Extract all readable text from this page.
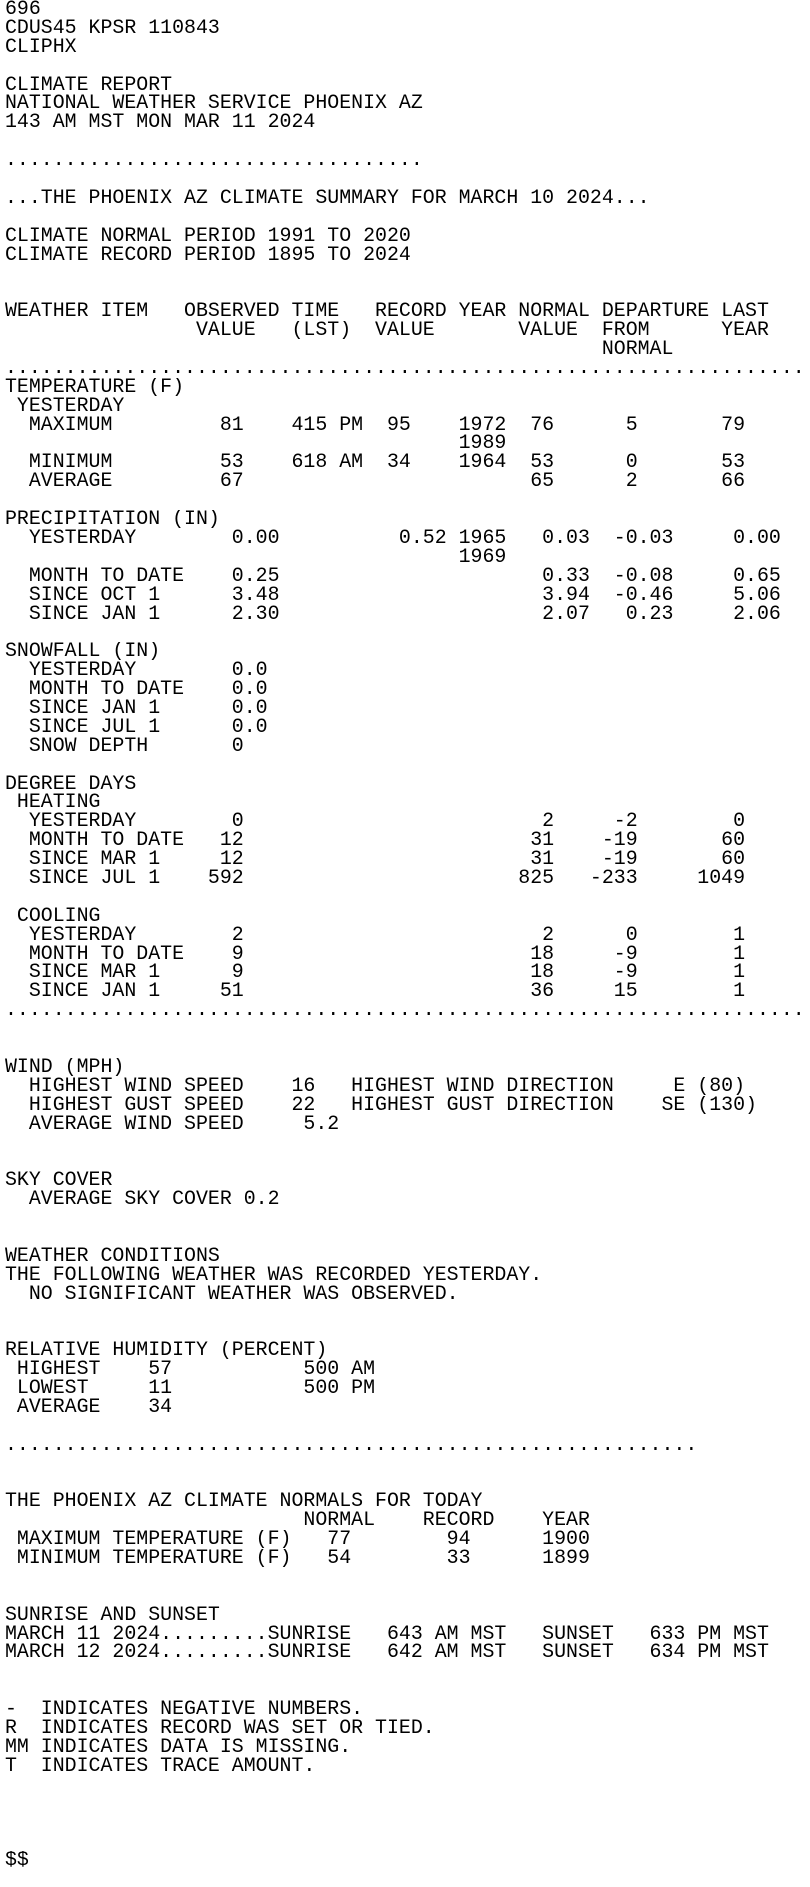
696
CDUS45 KPSR 110843
CLIPHX
CLIMATE REPORT
NATIONAL WEATHER SERVICE PHOENIX AZ
143 AM MST MON MAR 11 2024
...................................
...THE PHOENIX AZ CLIMATE SUMMARY FOR MARCH 10 2024...
CLIMATE NORMAL PERIOD 1991 TO 2020
CLIMATE RECORD PERIOD 1895 TO 2024
WEATHER ITEM   OBSERVED TIME   RECORD YEAR NORMAL DEPARTURE LAST
VALUE   (LST)  VALUE       VALUE  FROM      YEAR
NORMAL
...................................................................
TEMPERATURE (F)
YESTERDAY
MAXIMUM         81    415 PM  95    1972  76      5       79
1989
MINIMUM         53    618 AM  34    1964  53      0       53
AVERAGE         67                        65      2       66
PRECIPITATION (IN)
YESTERDAY        0.00          0.52 1965   0.03  -0.03     0.00
1969
MONTH TO DATE    0.25                      0.33  -0.08     0.65
SINCE OCT 1      3.48                      3.94  -0.46     5.06
SINCE JAN 1      2.30                      2.07   0.23     2.06
SNOWFALL (IN)
YESTERDAY        0.0
MONTH TO DATE    0.0
SINCE JAN 1      0.0
SINCE JUL 1      0.0
SNOW DEPTH       0
DEGREE DAYS
HEATING
YESTERDAY        0                         2     -2        0
MONTH TO DATE   12                        31    -19       60
SINCE MAR 1     12                        31    -19       60
SINCE JUL 1    592                       825   -233     1049
COOLING
YESTERDAY        2                         2      0        1
MONTH TO DATE    9                        18     -9        1
SINCE MAR 1      9                        18     -9        1
SINCE JAN 1     51                        36     15        1
...................................................................
WIND (MPH)
HIGHEST WIND SPEED    16   HIGHEST WIND DIRECTION     E (80)
HIGHEST GUST SPEED    22   HIGHEST GUST DIRECTION    SE (130)
AVERAGE WIND SPEED     5.2
SKY COVER
AVERAGE SKY COVER 0.2
WEATHER CONDITIONS
THE FOLLOWING WEATHER WAS RECORDED YESTERDAY.
NO SIGNIFICANT WEATHER WAS OBSERVED.
RELATIVE HUMIDITY (PERCENT)
HIGHEST    57           500 AM
LOWEST     11           500 PM
AVERAGE    34
..........................................................
THE PHOENIX AZ CLIMATE NORMALS FOR TODAY
NORMAL    RECORD    YEAR
MAXIMUM TEMPERATURE (F)   77        94      1900
MINIMUM TEMPERATURE (F)   54        33      1899
SUNRISE AND SUNSET
MARCH 11 2024.........SUNRISE   643 AM MST   SUNSET   633 PM MST
MARCH 12 2024.........SUNRISE   642 AM MST   SUNSET   634 PM MST
-  INDICATES NEGATIVE NUMBERS.
R  INDICATES RECORD WAS SET OR TIED.
MM INDICATES DATA IS MISSING.
T  INDICATES TRACE AMOUNT.
$$
